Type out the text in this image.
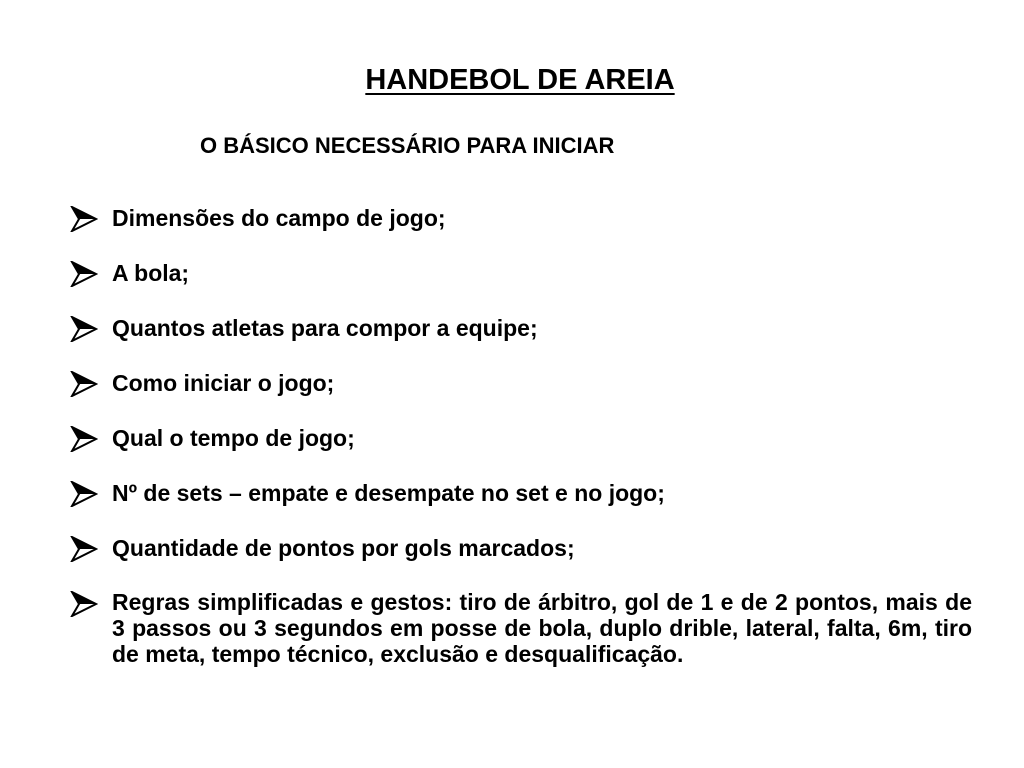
HANDEBOL DE AREIA
O BÁSICO NECESSÁRIO PARA INICIAR
Dimensões do campo de jogo;
A bola;
Quantos atletas para compor a equipe;
Como iniciar o jogo;
Qual o tempo de jogo;
Nº de sets – empate e desempate no set e no jogo;
Quantidade de pontos por gols marcados;
Regras simplificadas e gestos: tiro de árbitro, gol de 1 e de 2 pontos, mais de 3 passos ou 3 segundos em posse de bola, duplo drible, lateral, falta, 6m, tiro de meta, tempo técnico, exclusão e desqualificação.
